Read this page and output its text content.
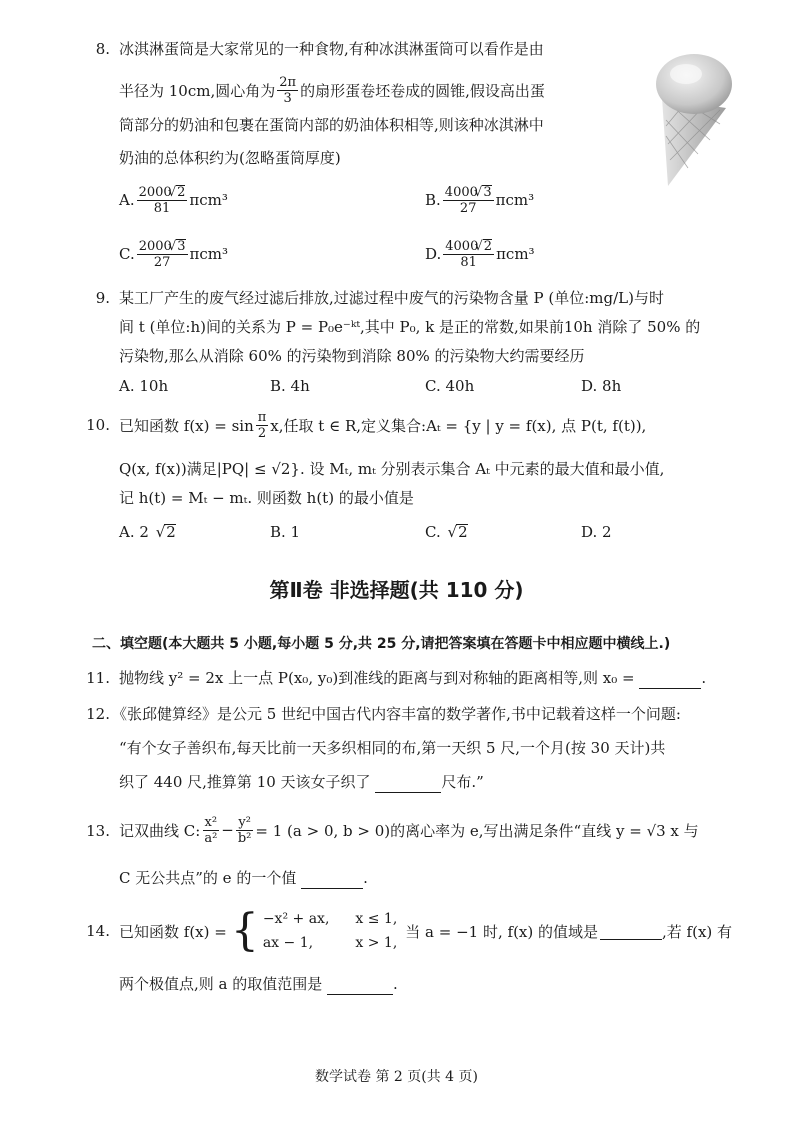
8. 冰淇淋蛋筒是大家常见的一种食物,有种冰淇淋蛋筒可以看作是由
半径为 10cm,圆心角为 $\frac{2\pi}{3}$ 的扇形蛋卷坯卷成的圆锥,假设高出蛋
筒部分的奶油和包裹在蛋筒内部的奶油体积相等,则该种冰淇淋中
奶油的总体积约为(忽略蛋筒厚度)
A. $\frac{2000 √ 2}{81} \pi cm^3$	B. $\frac{4000 √ 3}{27} \pi cm^3$
C. $\frac{2000 √ 3}{27} \pi cm^3$	D. $\frac{4000 √ 2}{81} \pi cm^3$
9. 某工厂产生的废气经过滤后排放,过滤过程中废气的污染物含量 P (单位:mg/L)与时
间 t (单位:h)间的关系为 P = P₀e⁻ᵏᵗ,其中 P₀, k 是正的常数,如果前10h 消除了 50% 的
污染物,那么从消除 60% 的污染物到消除 80% 的污染物大约需要经历
A. 10h	B. 4h	C. 40h	D. 8h
10. 已知函数 $f(x) = \sin \frac{\pi}{2} x$,任取 t ∈ R,定义集合:Aₜ = {y | y = f(x), 点 P(t, f(t)),
Q(x, f(x))满足|PQ| ≤ √2}. 设 Mₜ, mₜ 分别表示集合 Aₜ 中元素的最大值和最小值,
记 h(t) = Mₜ − mₜ. 则函数 h(t) 的最小值是
A. 2 √ 2	B. 1	C. √ 2	D. 2
第Ⅱ卷 非选择题(共 110 分)
二、填空题(本大题共 5 小题,每小题 5 分,共 25 分,请把答案填在答题卡中相应题中横线上.)
11. 抛物线 y² = 2x 上一点 P(x₀, y₀)到准线的距离与到对称轴的距离相等,则 x₀ =	.
12. 《张邱健算经》是公元 5 世纪中国古代内容丰富的数学著作,书中记载着这样一个问题:
“有个女子善织布,每天比前一天多织相同的布,第一天织 5 尺,一个月(按 30 天计)共
织了 440 尺,推算第 10 天该女子织了	尺布.”
13. 记双曲线 C: $\frac{\text{x²}}{\text{a²}} - \frac{\text{y²}}{\text{b²}} = 1$ (a > 0, b > 0)的离心率为 e,写出满足条件“直线 y = √3 x 与
C 无公共点”的 e 的一个值	.
14. 已知函数 f(x) = { −x² + ax, x ≤ 1,
ax − 1,	x > 1,
当 a = −1 时, f(x) 的值域是	,若 f(x) 有
两个极值点,则 a 的取值范围是	.
数学试卷 第 2 页(共 4 页)
